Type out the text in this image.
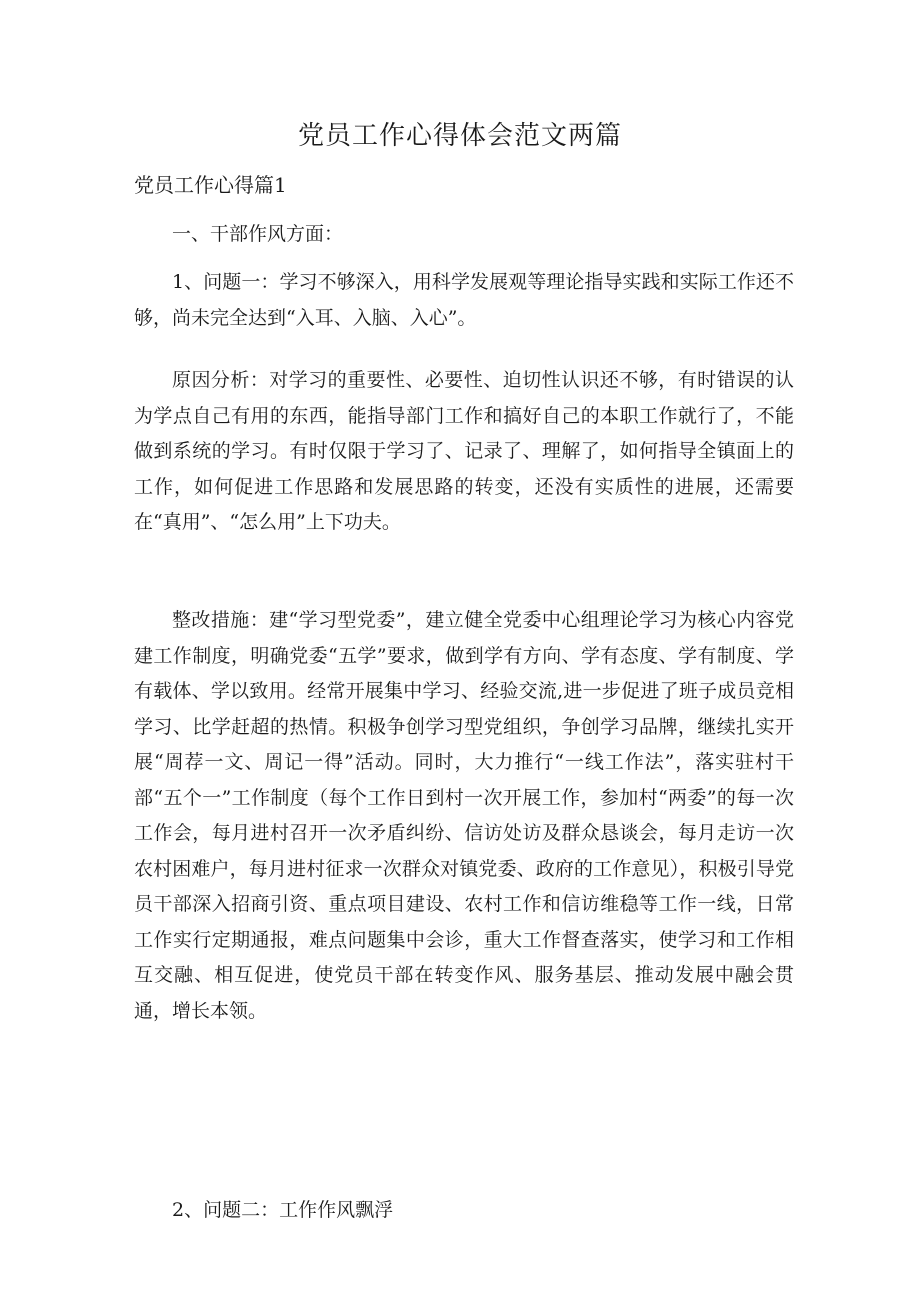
党员工作心得体会范文两篇
党员工作心得篇1

一、干部作风方面：

1、问题一：学习不够深入，用科学发展观等理论指导实践和实际工作还不够，尚未完全达到“入耳、入脑、入心”。

原因分析：对学习的重要性、必要性、迫切性认识还不够，有时错误的认为学点自己有用的东西，能指导部门工作和搞好自己的本职工作就行了，不能做到系统的学习。有时仅限于学习了、记录了、理解了，如何指导全镇面上的工作，如何促进工作思路和发展思路的转变，还没有实质性的进展，还需要在“真用”、“怎么用”上下功夫。

整改措施：建“学习型党委”，建立健全党委中心组理论学习为核心内容党建工作制度，明确党委“五学”要求，做到学有方向、学有态度、学有制度、学有载体、学以致用。经常开展集中学习、经验交流,进一步促进了班子成员竞相学习、比学赶超的热情。积极争创学习型党组织，争创学习品牌，继续扎实开展“周荐一文、周记一得”活动。同时，大力推行“一线工作法”，落实驻村干部“五个一”工作制度（每个工作日到村一次开展工作，参加村“两委”的每一次工作会，每月进村召开一次矛盾纠纷、信访处访及群众恳谈会，每月走访一次农村困难户，每月进村征求一次群众对镇党委、政府的工作意见），积极引导党员干部深入招商引资、重点项目建设、农村工作和信访维稳等工作一线，日常工作实行定期通报，难点问题集中会诊，重大工作督查落实，使学习和工作相互交融、相互促进，使党员干部在转变作风、服务基层、推动发展中融会贯通，增长本领。

2、问题二：工作作风飘浮
